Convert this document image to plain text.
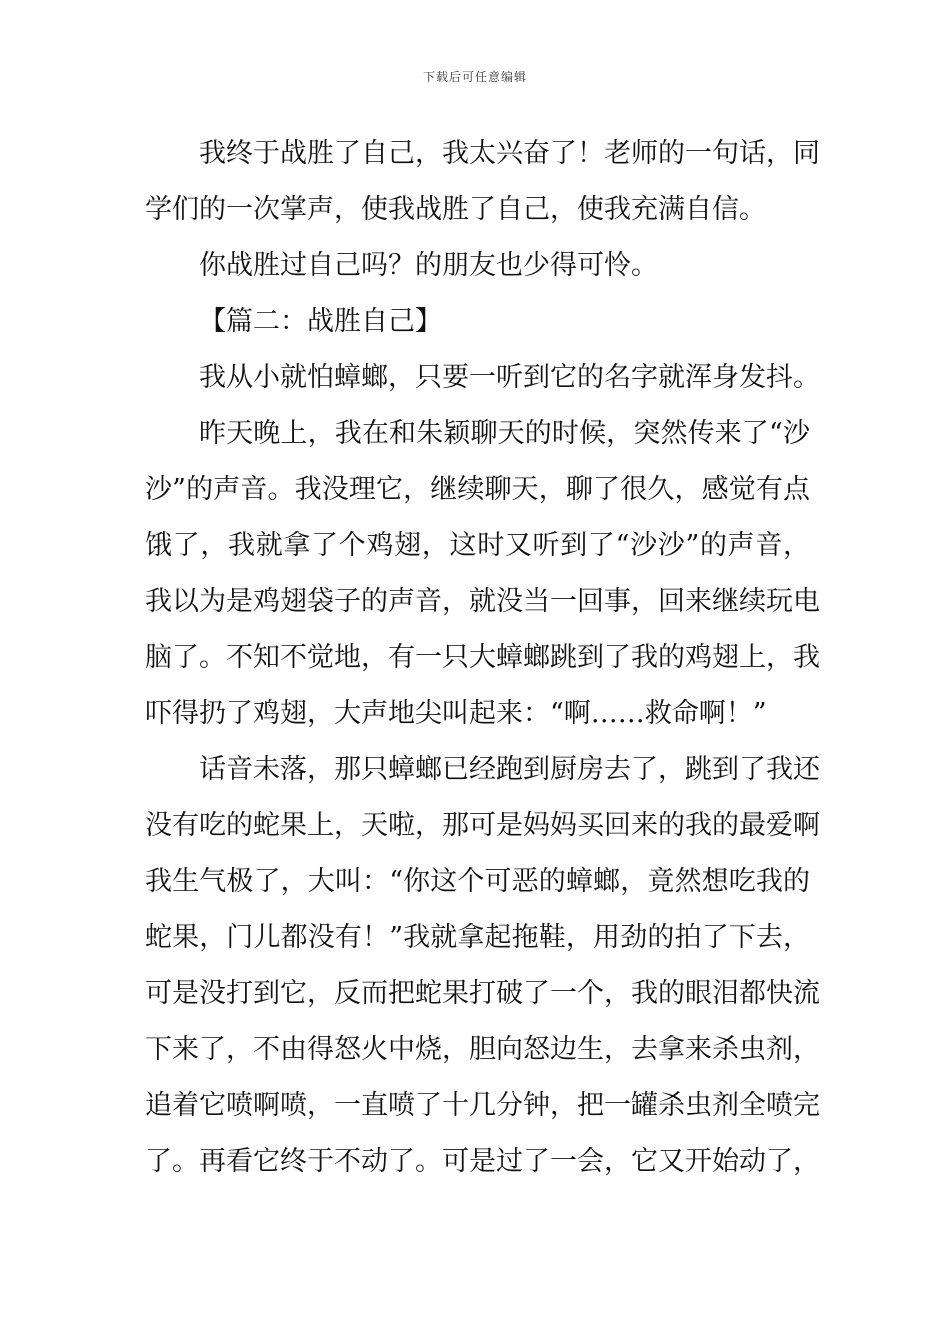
下载后可任意编辑
我终于战胜了自己，我太兴奋了！老师的一句话，同
学们的一次掌声，使我战胜了自己，使我充满自信。
你战胜过自己吗？的朋友也少得可怜。
【篇二：战胜自己】
我从小就怕蟑螂，只要一听到它的名字就浑身发抖。
昨天晚上，我在和朱颖聊天的时候，突然传来了“沙
沙”的声音。我没理它，继续聊天，聊了很久，感觉有点
饿了，我就拿了个鸡翅，这时又听到了“沙沙”的声音，
我以为是鸡翅袋子的声音，就没当一回事，回来继续玩电
脑了。不知不觉地，有一只大蟑螂跳到了我的鸡翅上，我
吓得扔了鸡翅，大声地尖叫起来：“啊……救命啊！”
话音未落，那只蟑螂已经跑到厨房去了，跳到了我还
没有吃的蛇果上，天啦，那可是妈妈买回来的我的最爱啊
我生气极了，大叫：“你这个可恶的蟑螂，竟然想吃我的
蛇果，门儿都没有！”我就拿起拖鞋，用劲的拍了下去，
可是没打到它，反而把蛇果打破了一个，我的眼泪都快流
下来了，不由得怒火中烧，胆向怒边生，去拿来杀虫剂，
追着它喷啊喷，一直喷了十几分钟，把一罐杀虫剂全喷完
了。再看它终于不动了。可是过了一会，它又开始动了，
